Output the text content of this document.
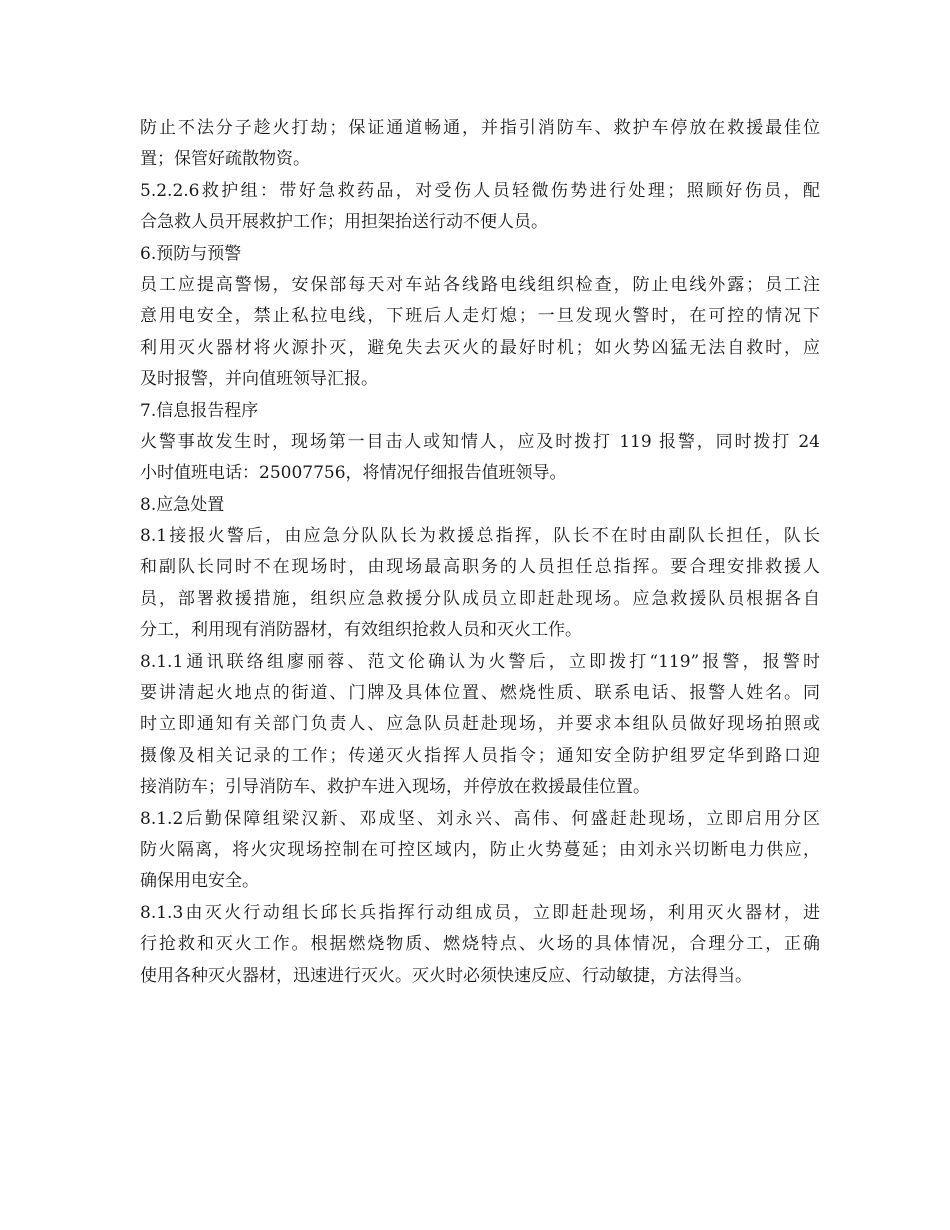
防止不法分子趁火打劫；保证通道畅通，并指引消防车、救护车停放在救援最佳位
置；保管好疏散物资。
5.2.2.6救护组：带好急救药品，对受伤人员轻微伤势进行处理；照顾好伤员，配
合急救人员开展救护工作；用担架抬送行动不便人员。
6.预防与预警
员工应提高警惕，安保部每天对车站各线路电线组织检查，防止电线外露；员工注
意用电安全，禁止私拉电线，下班后人走灯熄；一旦发现火警时，在可控的情况下
利用灭火器材将火源扑灭，避免失去灭火的最好时机；如火势凶猛无法自救时，应
及时报警，并向值班领导汇报。
7.信息报告程序
火警事故发生时，现场第一目击人或知情人，应及时拨打 119 报警，同时拨打 24
小时值班电话：25007756，将情况仔细报告值班领导。
8.应急处置
8.1接报火警后，由应急分队队长为救援总指挥，队长不在时由副队长担任，队长
和副队长同时不在现场时，由现场最高职务的人员担任总指挥。要合理安排救援人
员，部署救援措施，组织应急救援分队成员立即赶赴现场。应急救援队员根据各自
分工，利用现有消防器材，有效组织抢救人员和灭火工作。
8.1.1通讯联络组廖丽蓉、范文伦确认为火警后，立即拨打“119”报警，报警时
要讲清起火地点的街道、门牌及具体位置、燃烧性质、联系电话、报警人姓名。同
时立即通知有关部门负责人、应急队员赶赴现场，并要求本组队员做好现场拍照或
摄像及相关记录的工作；传递灭火指挥人员指令；通知安全防护组罗定华到路口迎
接消防车；引导消防车、救护车进入现场，并停放在救援最佳位置。
8.1.2后勤保障组梁汉新、邓成坚、刘永兴、高伟、何盛赶赴现场，立即启用分区
防火隔离，将火灾现场控制在可控区域内，防止火势蔓延；由刘永兴切断电力供应，
确保用电安全。
8.1.3由灭火行动组长邱长兵指挥行动组成员，立即赶赴现场，利用灭火器材，进
行抢救和灭火工作。根据燃烧物质、燃烧特点、火场的具体情况，合理分工，正确
使用各种灭火器材，迅速进行灭火。灭火时必须快速反应、行动敏捷，方法得当。
